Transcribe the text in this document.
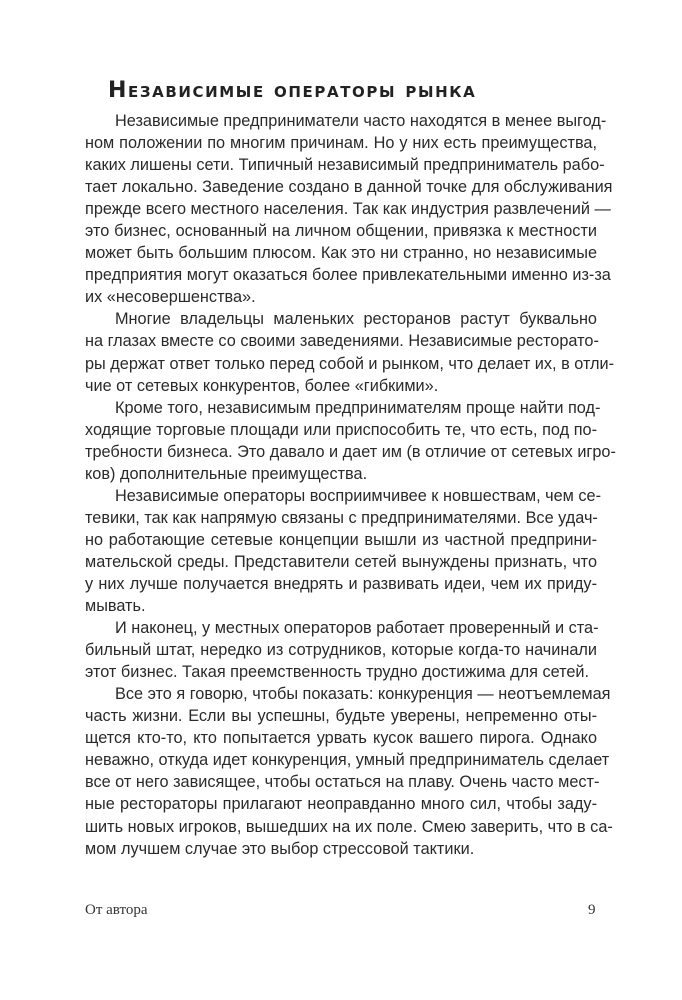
Независимые операторы рынка
Независимые предприниматели часто находятся в менее выгод-
ном положении по многим причинам. Но у них есть преимущества,
каких лишены сети. Типичный независимый предприниматель рабо-
тает локально. Заведение создано в данной точке для обслуживания
прежде всего местного населения. Так как индустрия развлечений —
это бизнес, основанный на личном общении, привязка к местности
может быть большим плюсом. Как это ни странно, но независимые
предприятия могут оказаться более привлекательными именно из-за
их «несовершенства».
Многие владельцы маленьких ресторанов растут буквально
на глазах вместе со своими заведениями. Независимые ресторато-
ры держат ответ только перед собой и рынком, что делает их, в отли-
чие от сетевых конкурентов, более «гибкими».
Кроме того, независимым предпринимателям проще найти под-
ходящие торговые площади или приспособить те, что есть, под по-
требности бизнеса. Это давало и дает им (в отличие от сетевых игро-
ков) дополнительные преимущества.
Независимые операторы восприимчивее к новшествам, чем се-
тевики, так как напрямую связаны с предпринимателями. Все удач-
но работающие сетевые концепции вышли из частной предприни-
мательской среды. Представители сетей вынуждены признать, что
у них лучше получается внедрять и развивать идеи, чем их приду-
мывать.
И наконец, у местных операторов работает проверенный и ста-
бильный штат, нередко из сотрудников, которые когда-то начинали
этот бизнес. Такая преемственность трудно достижима для сетей.
Все это я говорю, чтобы показать: конкуренция — неотъемлемая
часть жизни. Если вы успешны, будьте уверены, непременно оты-
щется кто-то, кто попытается урвать кусок вашего пирога. Однако
неважно, откуда идет конкуренция, умный предприниматель сделает
все от него зависящее, чтобы остаться на плаву. Очень часто мест-
ные рестораторы прилагают неоправданно много сил, чтобы заду-
шить новых игроков, вышедших на их поле. Смею заверить, что в са-
мом лучшем случае это выбор стрессовой тактики.
От автора	9
